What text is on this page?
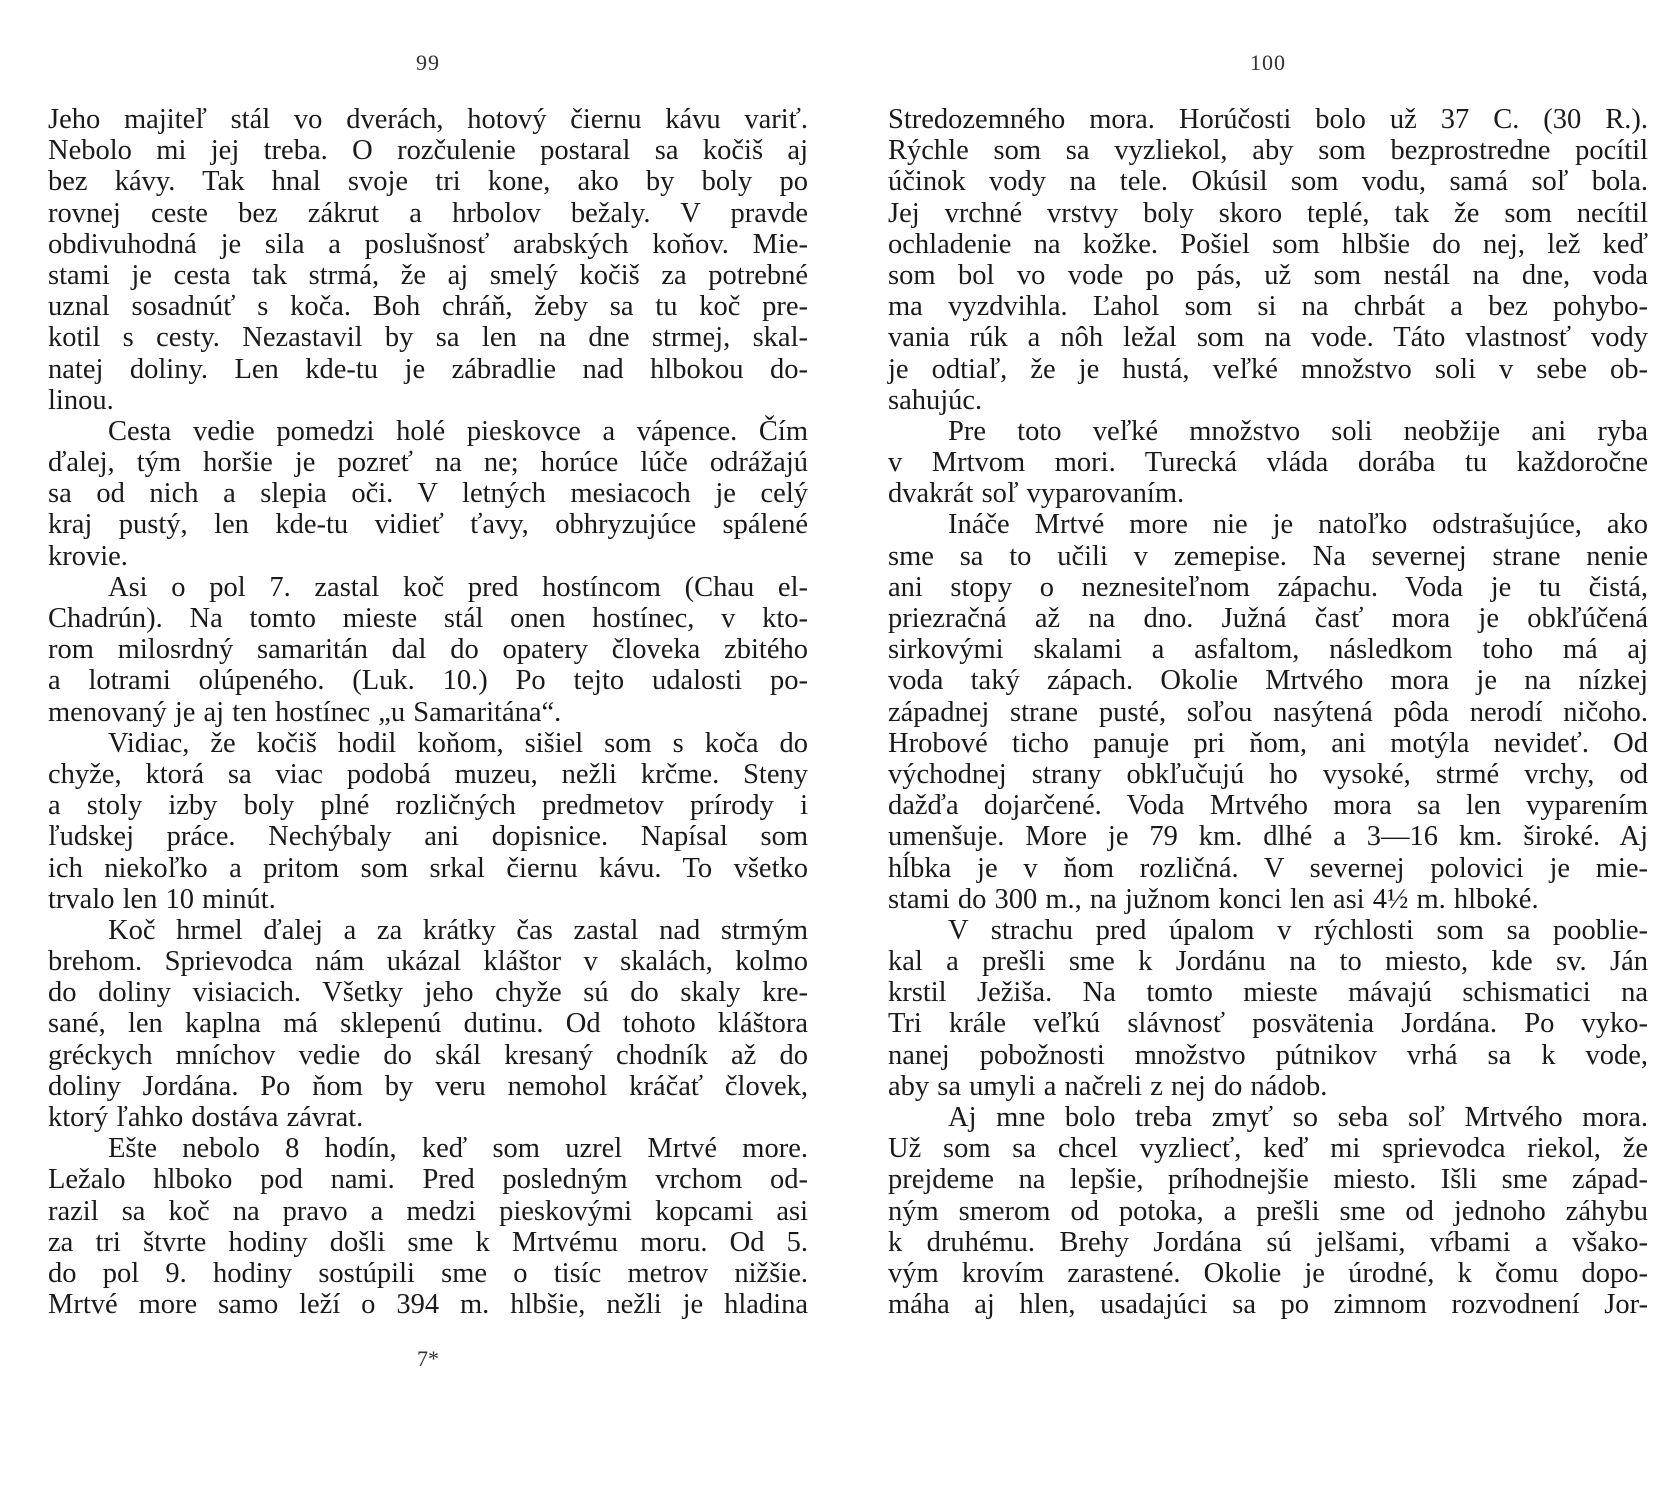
99
Jeho majiteľ stál vo dverách, hotový čiernu kávu variť.
Nebolo mi jej treba. O rozčulenie postaral sa kočiš aj
bez kávy. Tak hnal svoje tri kone, ako by boly po
rovnej ceste bez zákrut a hrbolov bežaly. V pravde
obdivuhodná je sila a poslušnosť arabských koňov. Mie-
stami je cesta tak strmá, že aj smelý kočiš za potrebné
uznal sosadnúť s koča. Boh chráň, žeby sa tu koč pre-
kotil s cesty. Nezastavil by sa len na dne strmej, skal-
natej doliny. Len kde-tu je zábradlie nad hlbokou do-
linou.
Cesta vedie pomedzi holé pieskovce a vápence. Čím
ďalej, tým horšie je pozreť na ne; horúce lúče odrážajú
sa od nich a slepia oči. V letných mesiacoch je celý
kraj pustý, len kde-tu vidieť ťavy, obhryzujúce spálené
krovie.
Asi o pol 7. zastal koč pred hostíncom (Chau el-
Chadrún). Na tomto mieste stál onen hostínec, v kto-
rom milosrdný samaritán dal do opatery človeka zbitého
a lotrami olúpeného. (Luk. 10.) Po tejto udalosti po-
menovaný je aj ten hostínec „u Samaritána“.
Vidiac, že kočiš hodil koňom, sišiel som s koča do
chyže, ktorá sa viac podobá muzeu, nežli krčme. Steny
a stoly izby boly plné rozličných predmetov prírody i
ľudskej práce. Nechýbaly ani dopisnice. Napísal som
ich niekoľko a pritom som srkal čiernu kávu. To všetko
trvalo len 10 minút.
Koč hrmel ďalej a za krátky čas zastal nad strmým
brehom. Sprievodca nám ukázal kláštor v skalách, kolmo
do doliny visiacich. Všetky jeho chyže sú do skaly kre-
sané, len kaplna má sklepenú dutinu. Od tohoto kláštora
gréckych mníchov vedie do skál kresaný chodník až do
doliny Jordána. Po ňom by veru nemohol kráčať človek,
ktorý ľahko dostáva závrat.
Ešte nebolo 8 hodín, keď som uzrel Mrtvé more.
Ležalo hlboko pod nami. Pred posledným vrchom od-
razil sa koč na pravo a medzi pieskovými kopcami asi
za tri štvrte hodiny došli sme k Mrtvému moru. Od 5.
do pol 9. hodiny sostúpili sme o tisíc metrov nižšie.
Mrtvé more samo leží o 394 m. hlbšie, nežli je hladina
7*
100
Stredozemného mora. Horúčosti bolo už 37 C. (30 R.).
Rýchle som sa vyzliekol, aby som bezprostredne pocítil
účinok vody na tele. Okúsil som vodu, samá soľ bola.
Jej vrchné vrstvy boly skoro teplé, tak že som necítil
ochladenie na kožke. Pošiel som hlbšie do nej, lež keď
som bol vo vode po pás, už som nestál na dne, voda
ma vyzdvihla. Ľahol som si na chrbát a bez pohybo-
vania rúk a nôh ležal som na vode. Táto vlastnosť vody
je odtiaľ, že je hustá, veľké množstvo soli v sebe ob-
sahujúc.
Pre toto veľké množstvo soli neobžije ani ryba
v Mrtvom mori. Turecká vláda dorába tu každoročne
dvakrát soľ vyparovaním.
Ináče Mrtvé more nie je natoľko odstrašujúce, ako
sme sa to učili v zemepise. Na severnej strane nenie
ani stopy o neznesiteľnom zápachu. Voda je tu čistá,
priezračná až na dno. Južná časť mora je obkľúčená
sirkovými skalami a asfaltom, následkom toho má aj
voda taký zápach. Okolie Mrtvého mora je na nízkej
západnej strane pusté, soľou nasýtená pôda nerodí ničoho.
Hrobové ticho panuje pri ňom, ani motýla nevideť. Od
východnej strany obkľučujú ho vysoké, strmé vrchy, od
dažďa dojarčené. Voda Mrtvého mora sa len vyparením
umenšuje. More je 79 km. dlhé a 3—16 km. široké. Aj
hĺbka je v ňom rozličná. V severnej polovici je mie-
stami do 300 m., na južnom konci len asi 4½ m. hlboké.
V strachu pred úpalom v rýchlosti som sa pooblie-
kal a prešli sme k Jordánu na to miesto, kde sv. Ján
krstil Ježiša. Na tomto mieste mávajú schismatici na
Tri krále veľkú slávnosť posvätenia Jordána. Po vyko-
nanej pobožnosti množstvo pútnikov vrhá sa k vode,
aby sa umyli a načreli z nej do nádob.
Aj mne bolo treba zmyť so seba soľ Mrtvého mora.
Už som sa chcel vyzliecť, keď mi sprievodca riekol, že
prejdeme na lepšie, príhodnejšie miesto. Išli sme západ-
ným smerom od potoka, a prešli sme od jednoho záhybu
k druhému. Brehy Jordána sú jelšami, vŕbami a všako-
vým krovím zarastené. Okolie je úrodné, k čomu dopo-
máha aj hlen, usadajúci sa po zimnom rozvodnení Jor-
